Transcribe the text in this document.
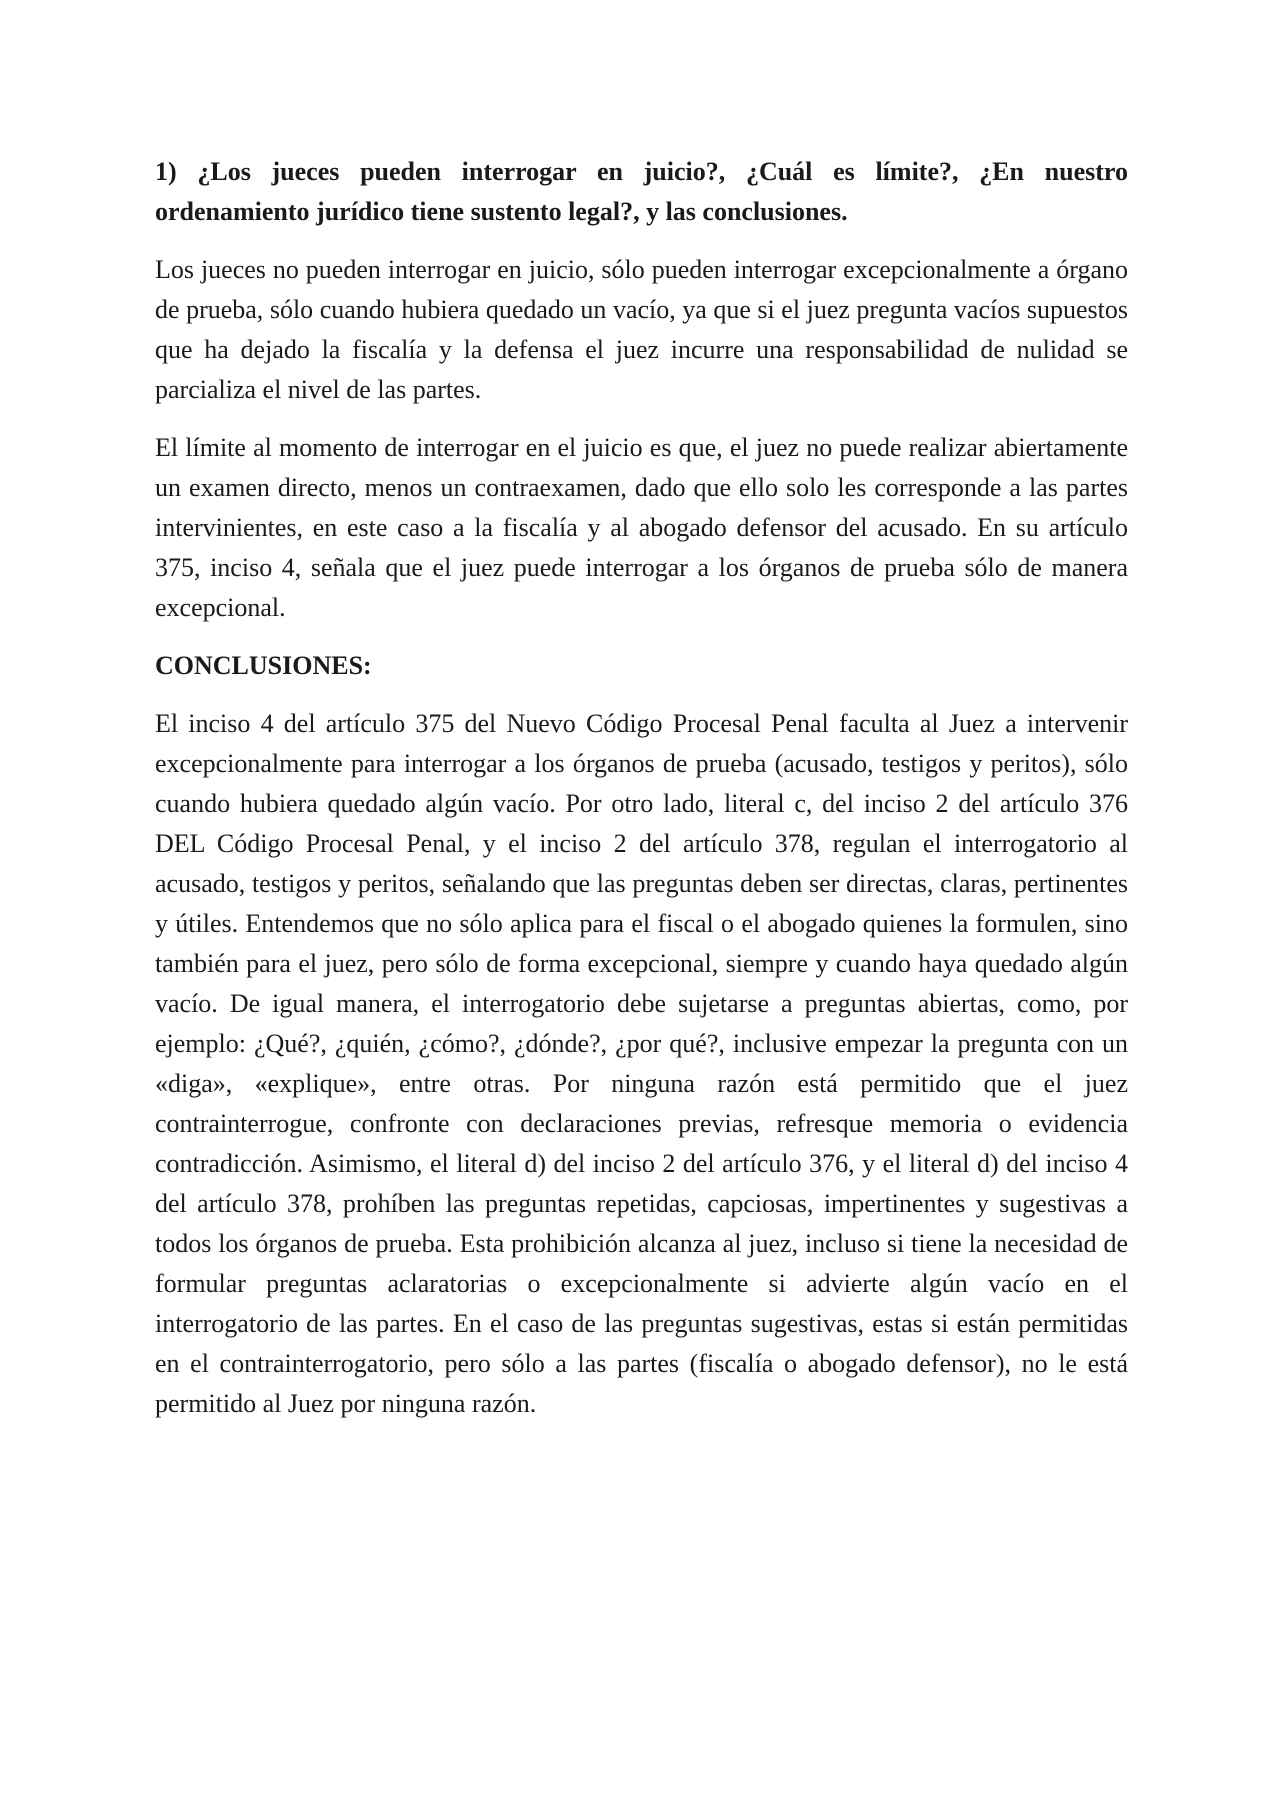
1) ¿Los jueces pueden interrogar en juicio?, ¿Cuál es límite?, ¿En nuestro ordenamiento jurídico tiene sustento legal?, y las conclusiones.

Los jueces no pueden interrogar en juicio, sólo pueden interrogar excepcionalmente a órgano de prueba, sólo cuando hubiera quedado un vacío, ya que si el juez pregunta vacíos supuestos que ha dejado la fiscalía y la defensa el juez incurre una responsabilidad de nulidad se parcializa el nivel de las partes.

El límite al momento de interrogar en el juicio es que, el juez no puede realizar abiertamente un examen directo, menos un contraexamen, dado que ello solo les corresponde a las partes intervinientes, en este caso a la fiscalía y al abogado defensor del acusado. En su artículo 375, inciso 4, señala que el juez puede interrogar a los órganos de prueba sólo de manera excepcional.

CONCLUSIONES:

El inciso 4 del artículo 375 del Nuevo Código Procesal Penal faculta al Juez a intervenir excepcionalmente para interrogar a los órganos de prueba (acusado, testigos y peritos), sólo cuando hubiera quedado algún vacío. Por otro lado, literal c, del inciso 2 del artículo 376 DEL Código Procesal Penal, y el inciso 2 del artículo 378, regulan el interrogatorio al acusado, testigos y peritos, señalando que las preguntas deben ser directas, claras, pertinentes y útiles. Entendemos que no sólo aplica para el fiscal o el abogado quienes la formulen, sino también para el juez, pero sólo de forma excepcional, siempre y cuando haya quedado algún vacío. De igual manera, el interrogatorio debe sujetarse a preguntas abiertas, como, por ejemplo: ¿Qué?, ¿quién, ¿cómo?, ¿dónde?, ¿por qué?, inclusive empezar la pregunta con un «diga», «explique», entre otras. Por ninguna razón está permitido que el juez contrainterrogue, confronte con declaraciones previas, refresque memoria o evidencia contradicción. Asimismo, el literal d) del inciso 2 del artículo 376, y el literal d) del inciso 4 del artículo 378, prohíben las preguntas repetidas, capciosas, impertinentes y sugestivas a todos los órganos de prueba. Esta prohibición alcanza al juez, incluso si tiene la necesidad de formular preguntas aclaratorias o excepcionalmente si advierte algún vacío en el interrogatorio de las partes. En el caso de las preguntas sugestivas, estas si están permitidas en el contrainterrogatorio, pero sólo a las partes (fiscalía o abogado defensor), no le está permitido al Juez por ninguna razón.
